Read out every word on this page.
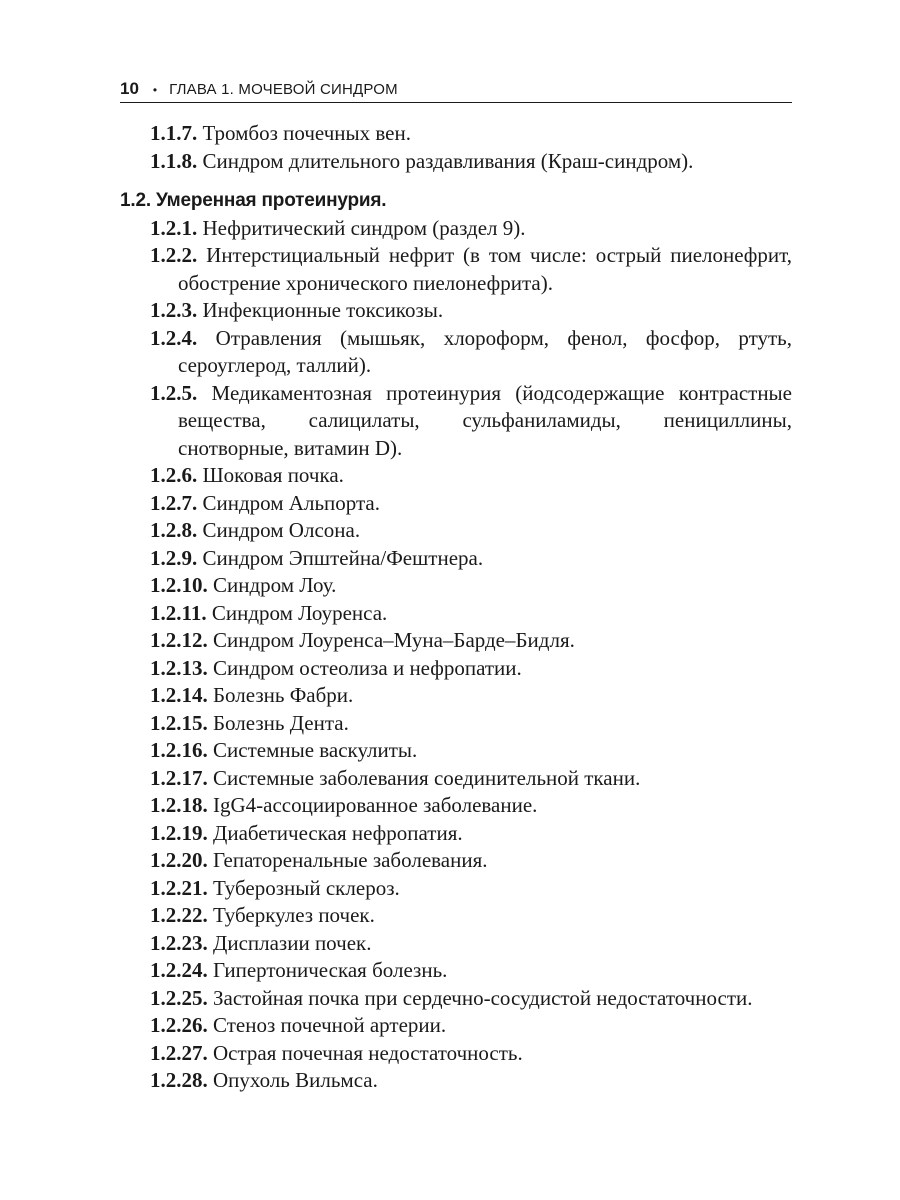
10 • ГЛАВА 1. МОЧЕВОЙ СИНДРОМ
1.1.7. Тромбоз почечных вен.
1.1.8. Синдром длительного раздавливания (Краш-синдром).
1.2. Умеренная протеинурия.
1.2.1. Нефритический синдром (раздел 9).
1.2.2. Интерстициальный нефрит (в том числе: острый пиелонефрит, обострение хронического пиелонефрита).
1.2.3. Инфекционные токсикозы.
1.2.4. Отравления (мышьяк, хлороформ, фенол, фосфор, ртуть, сероуглерод, таллий).
1.2.5. Медикаментозная протеинурия (йодсодержащие контрастные вещества, салицилаты, сульфаниламиды, пенициллины, снотворные, витамин D).
1.2.6. Шоковая почка.
1.2.7. Синдром Альпорта.
1.2.8. Синдром Олсона.
1.2.9. Синдром Эпштейна/Фештнера.
1.2.10. Синдром Лоу.
1.2.11. Синдром Лоуренса.
1.2.12. Синдром Лоуренса–Муна–Барде–Бидля.
1.2.13. Синдром остеолиза и нефропатии.
1.2.14. Болезнь Фабри.
1.2.15. Болезнь Дента.
1.2.16. Системные васкулиты.
1.2.17. Системные заболевания соединительной ткани.
1.2.18. IgG4-ассоциированное заболевание.
1.2.19. Диабетическая нефропатия.
1.2.20. Гепаторенальные заболевания.
1.2.21. Туберозный склероз.
1.2.22. Туберкулез почек.
1.2.23. Дисплазии почек.
1.2.24. Гипертоническая болезнь.
1.2.25. Застойная почка при сердечно-сосудистой недостаточности.
1.2.26. Стеноз почечной артерии.
1.2.27. Острая почечная недостаточность.
1.2.28. Опухоль Вильмса.
